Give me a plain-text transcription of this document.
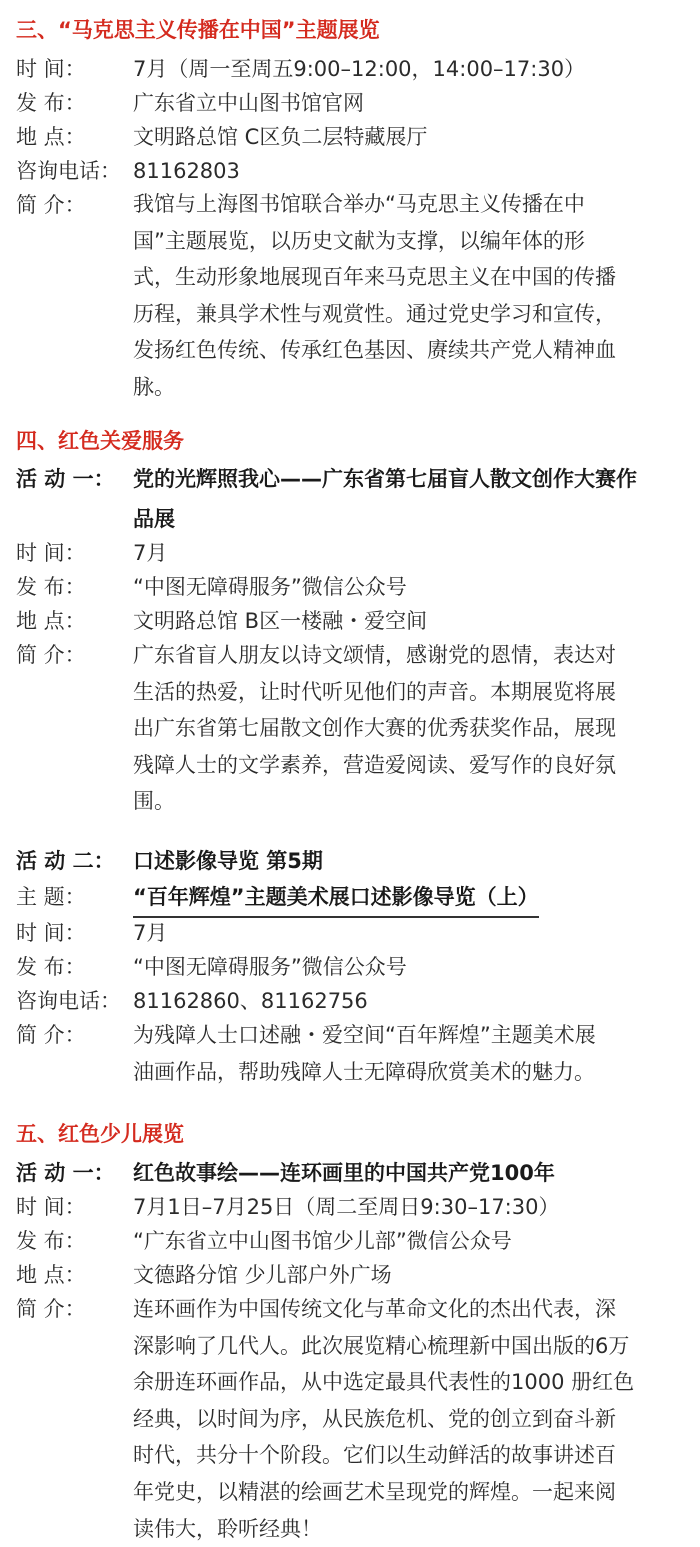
三、“马克思主义传播在中国”主题展览
时 间： 7月（周一至周五9:00–12:00，14:00–17:30）
发 布： 广东省立中山图书馆官网
地 点： 文明路总馆 C区负二层特藏展厅
咨询电话： 81162803
简 介： 我馆与上海图书馆联合举办“马克思主义传播在中
国”主题展览，以历史文献为支撑，以编年体的形
式，生动形象地展现百年来马克思主义在中国的传播
历程，兼具学术性与观赏性。通过党史学习和宣传，
发扬红色传统、传承红色基因、赓续共产党人精神血
脉。
四、红色关爱服务
活 动 一： 党的光辉照我心——广东省第七届盲人散文创作大赛作
品展
时 间： 7月
发 布： “中图无障碍服务”微信公众号
地 点： 文明路总馆 B区一楼融・爱空间
简 介： 广东省盲人朋友以诗文颂情，感谢党的恩情，表达对
生活的热爱，让时代听见他们的声音。本期展览将展
出广东省第七届散文创作大赛的优秀获奖作品，展现
残障人士的文学素养，营造爱阅读、爱写作的良好氛
围。
活 动 二： 口述影像导览 第5期
主 题： “百年辉煌”主题美术展口述影像导览（上）
时 间： 7月
发 布： “中图无障碍服务”微信公众号
咨询电话： 81162860、81162756
简 介： 为残障人士口述融・爱空间“百年辉煌”主题美术展
油画作品，帮助残障人士无障碍欣赏美术的魅力。
五、红色少儿展览
活 动 一： 红色故事绘——连环画里的中国共产党100年
时 间： 7月1日–7月25日（周二至周日9:30–17:30）
发 布： “广东省立中山图书馆少儿部”微信公众号
地 点： 文德路分馆 少儿部户外广场
简 介： 连环画作为中国传统文化与革命文化的杰出代表，深
深影响了几代人。此次展览精心梳理新中国出版的6万
余册连环画作品，从中选定最具代表性的1000 册红色
经典，以时间为序，从民族危机、党的创立到奋斗新
时代，共分十个阶段。它们以生动鲜活的故事讲述百
年党史，以精湛的绘画艺术呈现党的辉煌。一起来阅
读伟大，聆听经典！
